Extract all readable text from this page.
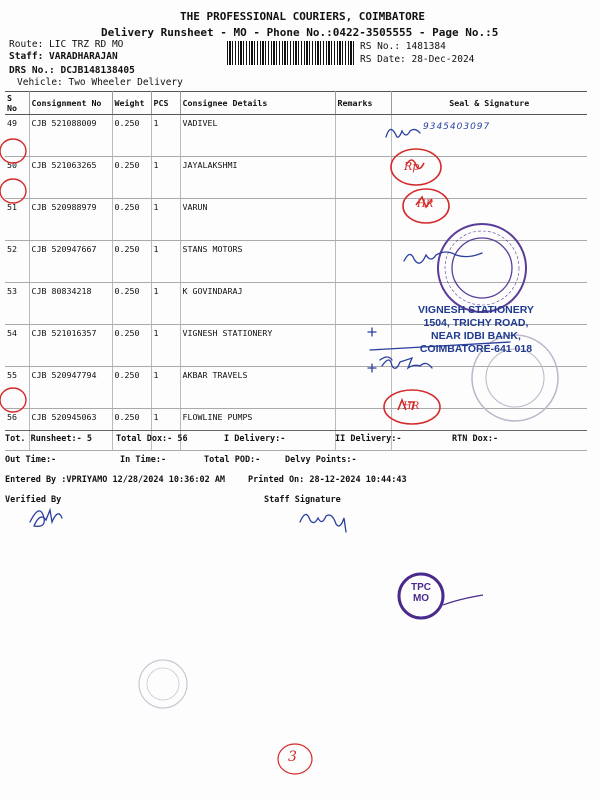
THE PROFESSIONAL COURIERS, COIMBATORE
Delivery Runsheet - MO - Phone No.:0422-3505555 - Page No.:5
Route: LIC TRZ RD MO
Staff: VARADHARAJAN
DRS No.: DCJB148138405
Vehicle: Two Wheeler Delivery
RS No.: 1481384
RS Date: 28-Dec-2024
S No	Consignment No	Weight	PCS	Consignee Details	Remarks	Seal & Signature
49	CJB 521088009	0.250	1	VADIVEL		
50	CJB 521063265	0.250	1	JAYALAKSHMI		
51	CJB 520988979	0.250	1	VARUN		
52	CJB 520947667	0.250	1	STANS MOTORS		
53	CJB 80834218	0.250	1	K GOVINDARAJ		
54	CJB 521016357	0.250	1	VIGNESH STATIONERY		
55	CJB 520947794	0.250	1	AKBAR TRAVELS		
56	CJB 520945063	0.250	1	FLOWLINE PUMPS		
Tot. Runsheet:- 5	Total Dox:- 56	I Delivery:-	II Delivery:-	RTN Dox:-
Out Time:-	In Time:-	Total POD:-	Delvy Points:-
Entered By :VPRIYAMO 12/28/2024 10:36:02 AM	Printed On: 28-12-2024 10:44:43
Verified By	Staff Signature
9345403097
Rp
HR
HR
VIGNESH STATIONERY
1504, TRICHY ROAD,
NEAR IDBI BANK,
COIMBATORE-641 018
TPC
MO
3
